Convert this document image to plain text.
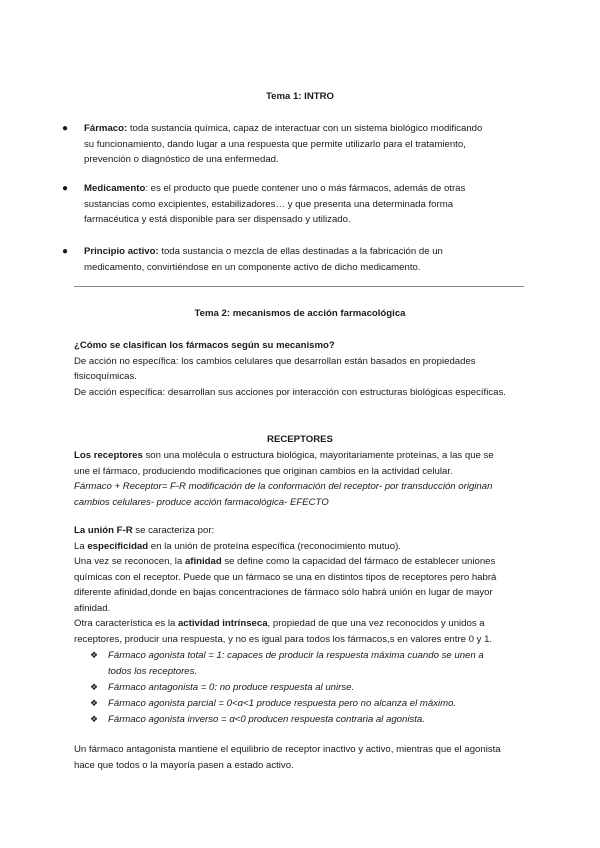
Tema 1: INTRO
● Fármaco: toda sustancia química, capaz de interactuar con un sistema biológico modificando
su funcionamiento, dando lugar a una respuesta que permite utilizarlo para el tratamiento,
prevención o diagnóstico de una enfermedad.
● Medicamento: es el producto que puede contener uno o más fármacos, además de otras
sustancias como excipientes, estabilizadores… y que presenta una determinada forma
farmacéutica y está disponible para ser dispensado y utilizado.
● Principio activo: toda sustancia o mezcla de ellas destinadas a la fabricación de un
medicamento, convirtiéndose en un componente activo de dicho medicamento.
Tema 2: mecanismos de acción farmacológica
¿Cómo se clasifican los fármacos según su mecanismo?
De acción no específica: los cambios celulares que desarrollan están basados en propiedades
fisicoquímicas.
De acción específica: desarrollan sus acciones por interacción con estructuras biológicas específicas.
RECEPTORES
Los receptores son una molécula o estructura biológica, mayoritariamente proteínas, a las que se
une el fármaco, produciendo modificaciones que originan cambios en la actividad celular.
Fármaco + Receptor= F-R modificación de la conformación del receptor- por transducción originan
cambios celulares- produce acción farmacológica- EFECTO
La unión F-R se caracteriza por:
La especificidad en la unión de proteína específica (reconocimiento mutuo).
Una vez se reconocen, la afinidad se define como la capacidad del fármaco de establecer uniones
químicas con el receptor. Puede que un fármaco se una en distintos tipos de receptores pero habrá
diferente afinidad,donde en bajas concentraciones de fármaco sólo habrá unión en lugar de mayor
afinidad.
Otra característica es la actividad intrínseca, propiedad de que una vez reconocidos y unidos a
receptores, producir una respuesta, y no es igual para todos los fármacos,s en valores entre 0 y 1.
❖ Fármaco agonista total = 1: capaces de producir la respuesta máxima cuando se unen a
todos los receptores.
❖ Fármaco antagonista = 0: no produce respuesta al unirse.
❖ Fármaco agonista parcial = 0<α<1 produce respuesta pero no alcanza el máximo.
❖ Fármaco agonista inverso = α<0 producen respuesta contraria al agonista.
Un fármaco antagonista mantiene el equilibrio de receptor inactivo y activo, mientras que el agonista
hace que todos o la mayoría pasen a estado activo.
